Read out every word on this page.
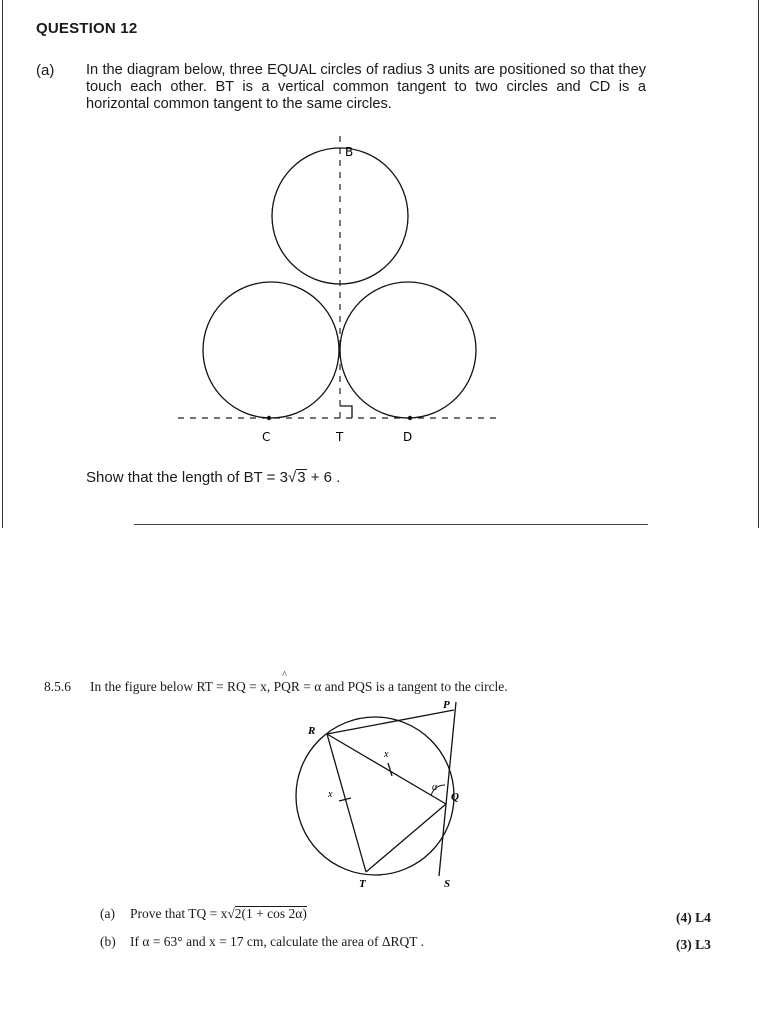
QUESTION 12
(a) In the diagram below, three EQUAL circles of radius 3 units are positioned so that they touch each other. BT is a vertical common tangent to two circles and CD is a horizontal common tangent to the same circles.
B
C	T	D
Show that the length of BT = 3√3 + 6 .
8.5.6 In the figure below RT = RQ = x, P^ QR = α and PQS is a tangent to the circle.
R
P
Q
T	S
x
x
α
(a) Prove that TQ = x√2(1 + cos 2α)	(4) L4
(b) If α = 63° and x = 17 cm, calculate the area of ΔRQT .	(3) L3
